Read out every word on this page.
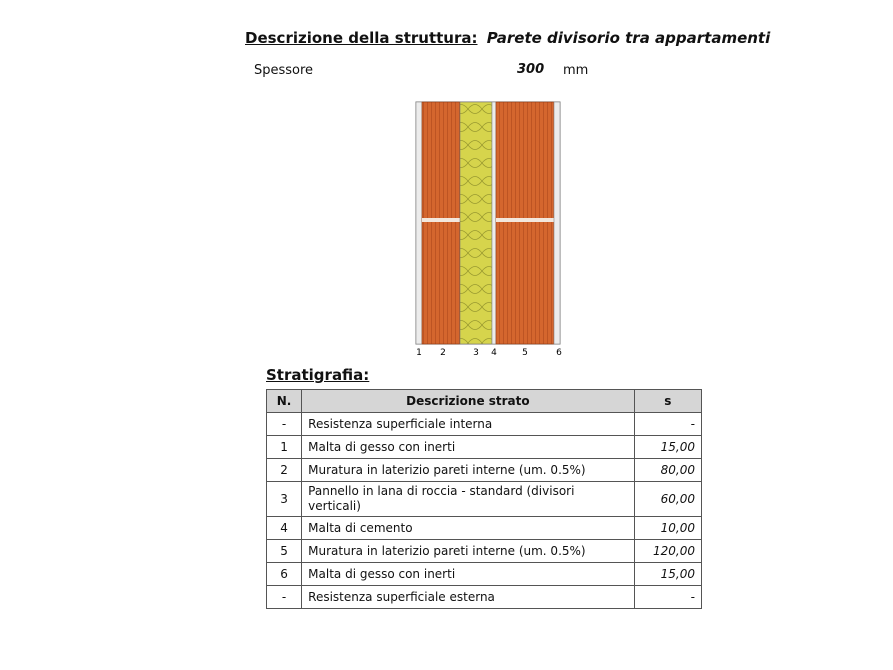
Descrizione della struttura: Parete divisorio tra appartamenti
Spessore	300 mm
1 2	3 4	5	6
Stratigrafia:
N.	Descrizione strato	s
-	Resistenza superficiale interna	-
1	Malta di gesso con inerti	15,00
2	Muratura in laterizio pareti interne (um. 0.5%)	80,00
3	Pannello in lana di roccia - standard (divisori verticali)	60,00
4	Malta di cemento	10,00
5	Muratura in laterizio pareti interne (um. 0.5%)	120,00
6	Malta di gesso con inerti	15,00
-	Resistenza superficiale esterna	-
